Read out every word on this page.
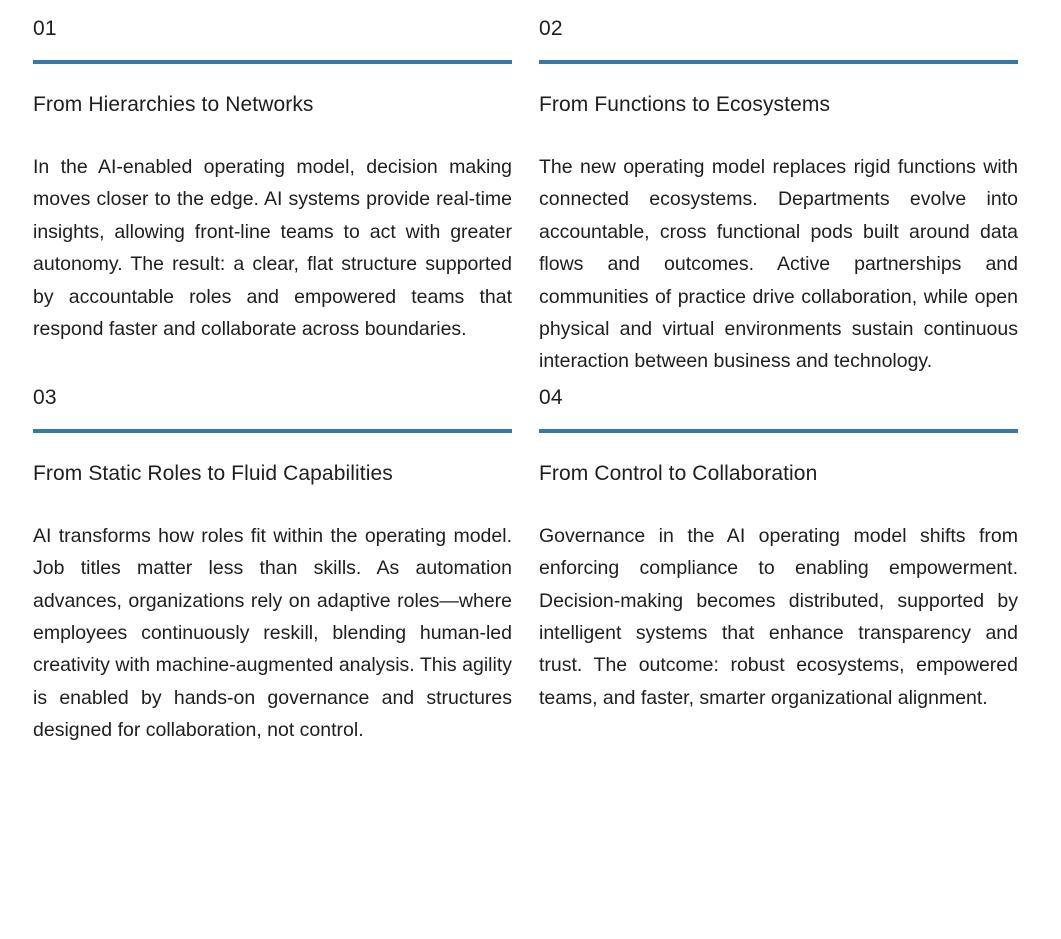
01
From Hierarchies to Networks

In the AI-enabled operating model, decision making moves closer to the edge. AI systems provide real-time insights, allowing front-line teams to act with greater autonomy. The result: a clear, flat structure supported by accountable roles and empowered teams that respond faster and collaborate across boundaries.

02
From Functions to Ecosystems

The new operating model replaces rigid functions with connected ecosystems. Departments evolve into accountable, cross functional pods built around data flows and outcomes. Active partnerships and communities of practice drive collaboration, while open physical and virtual environments sustain continuous interaction between business and technology.

03
From Static Roles to Fluid Capabilities

AI transforms how roles fit within the operating model. Job titles matter less than skills. As automation advances, organizations rely on adaptive roles—where employees continuously reskill, blending human-led creativity with machine-augmented analysis. This agility is enabled by hands-on governance and structures designed for collaboration, not control.

04
From Control to Collaboration

Governance in the AI operating model shifts from enforcing compliance to enabling empowerment. Decision-making becomes distributed, supported by intelligent systems that enhance transparency and trust. The outcome: robust ecosystems, empowered teams, and faster, smarter organizational alignment.
